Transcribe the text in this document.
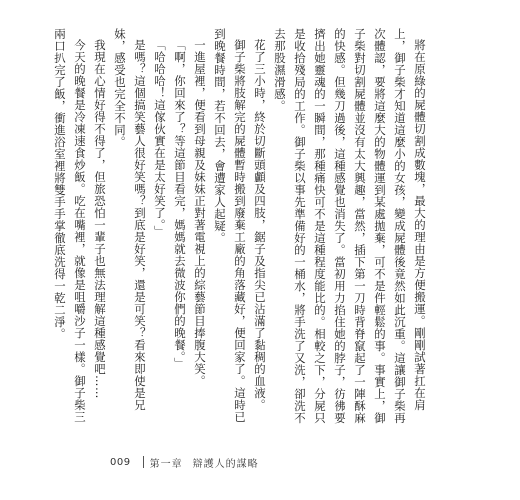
將在原綠的屍體切割成數塊，最大的理由是方便搬運。剛剛試著扛在肩上，御子柴才知道這麼小的女孩，變成屍體後竟然如此沉重。這讓御子柴再次體認，要將這麼大的物體運到某處拋棄，可不是件輕鬆的事。事實上，御子柴對切割屍體並沒有太大興趣，當然，插下第一刀時背脊竄起了一陣酥麻的快感。但幾刀過後，這種感覺也消失了。當初用力掐住她的脖子，彷彿要擠出她靈魂的一瞬間，那種痛快可不是這種程度能比的。相較之下，分屍只是收拾殘局的工作。御子柴以事先準備好的一桶水，將手洗了又洗，卻洗不去那股濕滑感。

花了三小時，終於切斷頭顱及四肢，鋸子及指尖已沾滿了黏稠的血液。

御子柴將肢解完的屍體暫時搬到廢棄工廠的角落藏好，便回家了。這時已到晚餐時間，若不回去，會遭家人起疑。

一進屋裡，便看到母親及妹妹正對著電視上的綜藝節目捧腹大笑。

「啊，你回來了？等這節目看完，媽媽就去微波你們的晚餐。」

「哈哈哈！這傢伙實在是太好笑了。」

是嗎？這個搞笑藝人很好笑嗎？到底是好笑，還是可笑？看來即使是兄妹，感受也完全不同。

我現在心情好得不得了，但旅恐怕一輩子也無法理解這種感覺吧……

今天的晚餐是冷凍速食炒飯。吃在嘴裡，就像是咀嚼沙子一樣。御子柴三兩口扒完了飯，衝進浴室裡將雙手手掌徹底洗得一乾二淨。

009 第一章 辯護人的謀略
